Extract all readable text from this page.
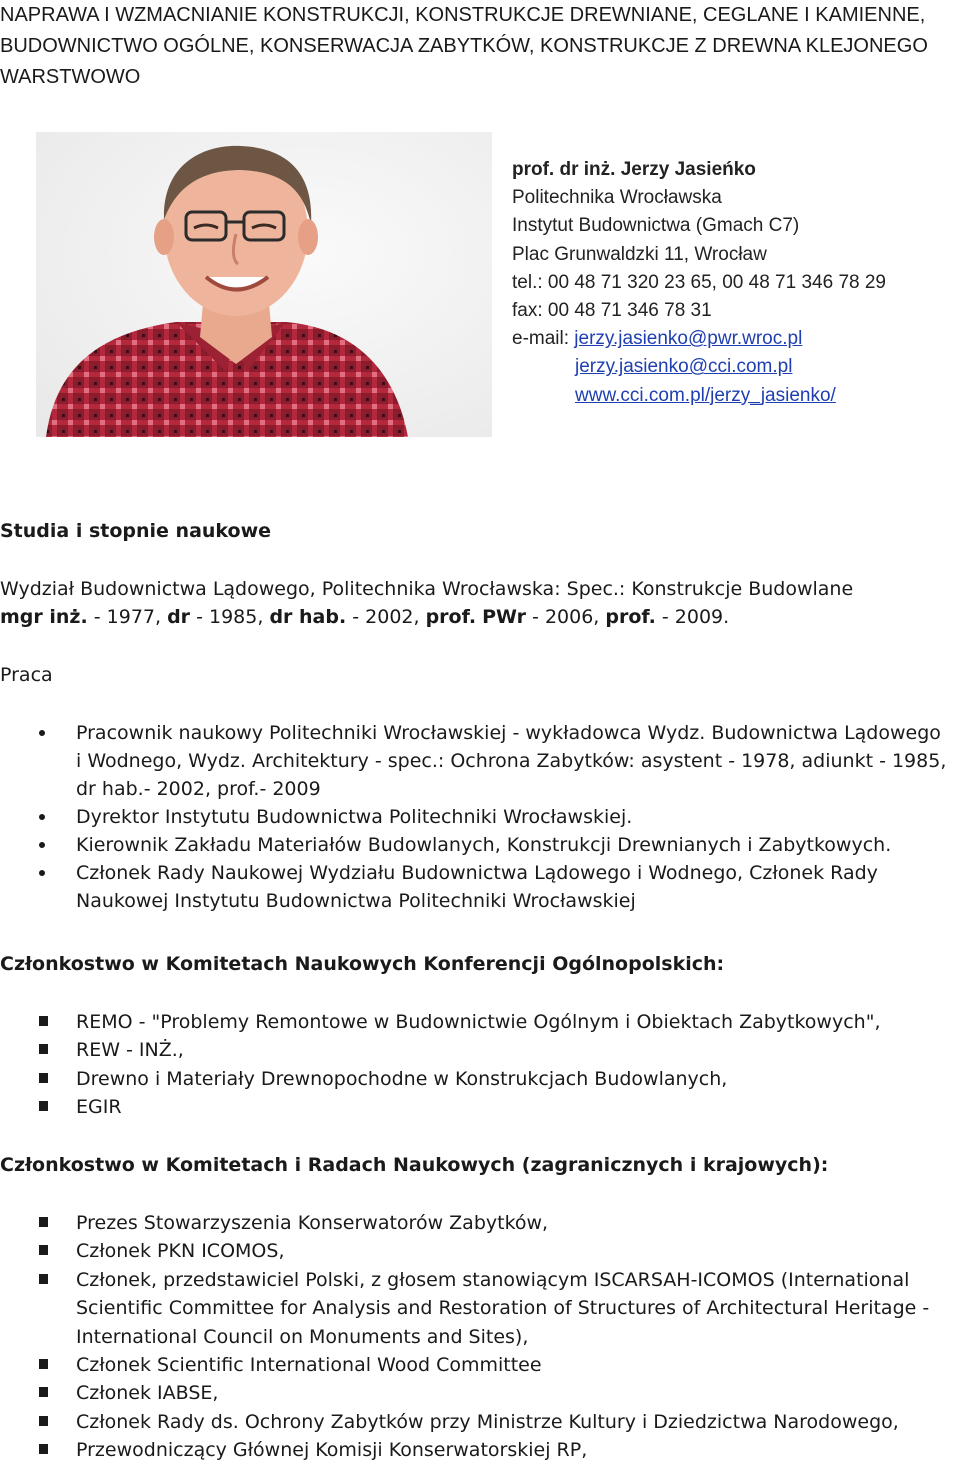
NAPRAWA I WZMACNIANIE KONSTRUKCJI, KONSTRUKCJE DREWNIANE, CEGLANE I KAMIENNE, BUDOWNICTWO OGÓLNE, KONSERWACJA ZABYTKÓW, KONSTRUKCJE Z DREWNA KLEJONEGO WARSTWOWO
prof. dr inż. Jerzy Jasieńko
Politechnika Wrocławska
Instytut Budownictwa (Gmach C7)
Plac Grunwaldzki 11, Wrocław
tel.: 00 48 71 320 23 65, 00 48 71 346 78 29
fax: 00 48 71 346 78 31
e-mail: jerzy.jasienko@pwr.wroc.pl
jerzy.jasienko@cci.com.pl
www.cci.com.pl/jerzy_jasienko/
Studia i stopnie naukowe
Wydział Budownictwa Lądowego, Politechnika Wrocławska: Spec.: Konstrukcje Budowlane
mgr inż. - 1977, dr - 1985, dr hab. - 2002, prof. PWr - 2006, prof. - 2009.
Praca
Pracownik naukowy Politechniki Wrocławskiej - wykładowca Wydz. Budownictwa Lądowego i Wodnego, Wydz. Architektury - spec.: Ochrona Zabytków: asystent - 1978, adiunkt - 1985, dr hab.- 2002, prof.- 2009
Dyrektor Instytutu Budownictwa Politechniki Wrocławskiej.
Kierownik Zakładu Materiałów Budowlanych, Konstrukcji Drewnianych i Zabytkowych.
Członek Rady Naukowej Wydziału Budownictwa Lądowego i Wodnego, Członek Rady Naukowej Instytutu Budownictwa Politechniki Wrocławskiej
Członkostwo w Komitetach Naukowych Konferencji Ogólnopolskich:
REMO - "Problemy Remontowe w Budownictwie Ogólnym i Obiektach Zabytkowych",
REW - INŻ.,
Drewno i Materiały Drewnopochodne w Konstrukcjach Budowlanych,
EGIR
Członkostwo w Komitetach i Radach Naukowych (zagranicznych i krajowych):
Prezes Stowarzyszenia Konserwatorów Zabytków,
Członek PKN ICOMOS,
Członek, przedstawiciel Polski, z głosem stanowiącym ISCARSAH-ICOMOS (International Scientific Committee for Analysis and Restoration of Structures of Architectural Heritage - International Council on Monuments and Sites),
Członek Scientific International Wood Committee
Członek IABSE,
Członek Rady ds. Ochrony Zabytków przy Ministrze Kultury i Dziedzictwa Narodowego,
Przewodniczący Głównej Komisji Konserwatorskiej RP,
